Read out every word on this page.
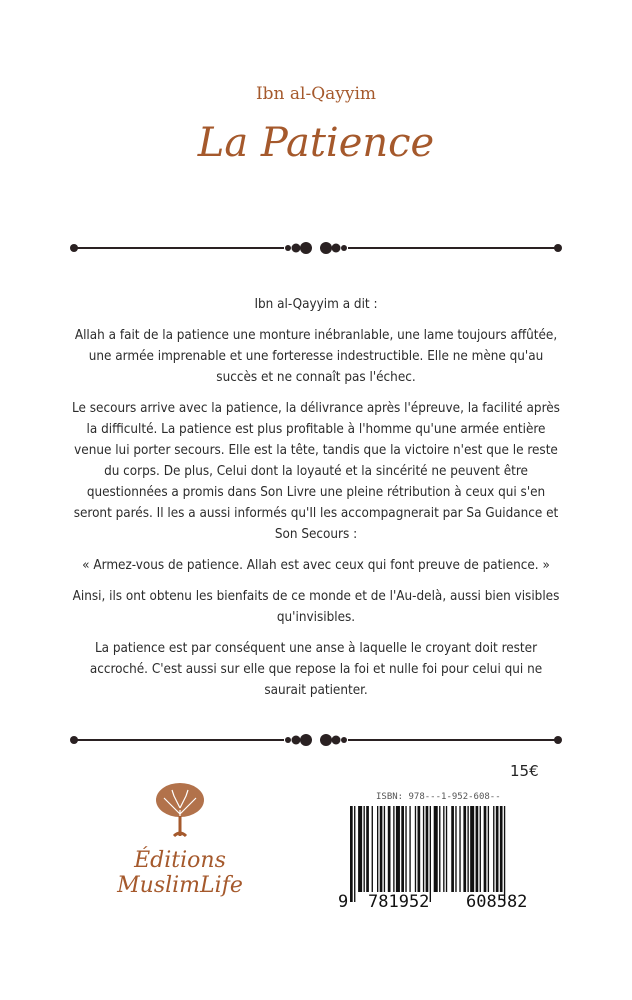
Ibn al-Qayyim
La Patience

Ibn al-Qayyim a dit :

Allah a fait de la patience une monture inébranlable, une lame toujours affûtée, une armée imprenable et une forteresse indestructible. Elle ne mène qu'au succès et ne connaît pas l'échec.

Le secours arrive avec la patience, la délivrance après l'épreuve, la facilité après la difficulté. La patience est plus profitable à l'homme qu'une armée entière venue lui porter secours. Elle est la tête, tandis que la victoire n'est que le reste du corps. De plus, Celui dont la loyauté et la sincérité ne peuvent être questionnées a promis dans Son Livre une pleine rétribution à ceux qui s'en seront parés. Il les a aussi informés qu'Il les accompagnerait par Sa Guidance et Son Secours :

« Armez-vous de patience. Allah est avec ceux qui font preuve de patience. »

Ainsi, ils ont obtenu les bienfaits de ce monde et de l'Au-delà, aussi bien visibles qu'invisibles.

La patience est par conséquent une anse à laquelle le croyant doit rester accroché. C'est aussi sur elle que repose la foi et nulle foi pour celui qui ne saurait patienter.

15€
Éditions MuslimLife
ISBN: 978---1-952-608--
9 781952 608582
